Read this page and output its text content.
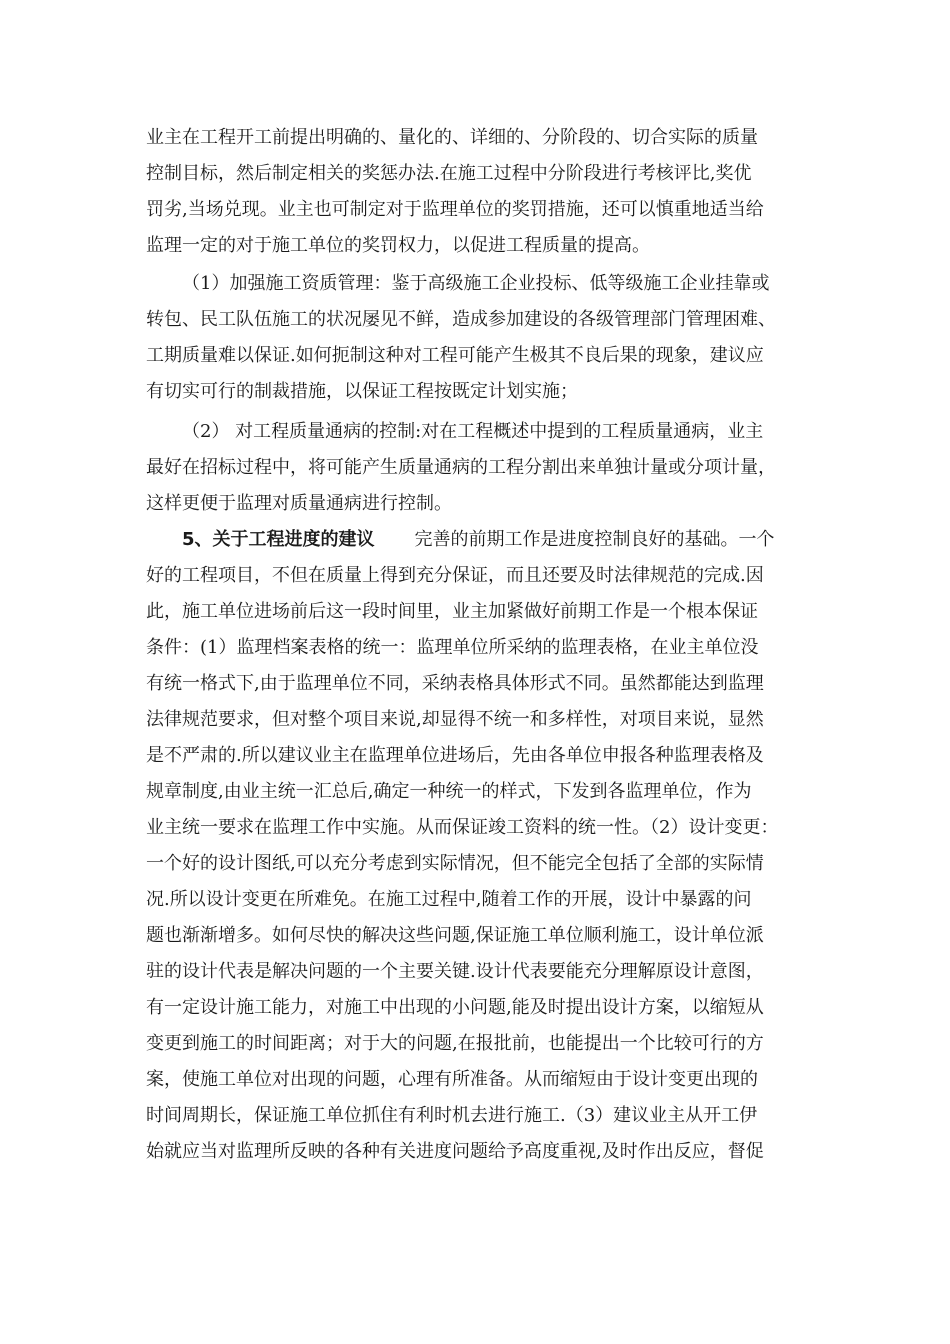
业主在工程开工前提出明确的、量化的、详细的、分阶段的、切合实际的质量
控制目标，然后制定相关的奖惩办法.在施工过程中分阶段进行考核评比,奖优
罚劣,当场兑现。业主也可制定对于监理单位的奖罚措施，还可以慎重地适当给
监理一定的对于施工单位的奖罚权力，以促进工程质量的提高。
（1）加强施工资质管理：鉴于高级施工企业投标、低等级施工企业挂靠或
转包、民工队伍施工的状况屡见不鲜，造成参加建设的各级管理部门管理困难、
工期质量难以保证.如何扼制这种对工程可能产生极其不良后果的现象，建议应
有切实可行的制裁措施，以保证工程按既定计划实施；
（2） 对工程质量通病的控制:对在工程概述中提到的工程质量通病，业主
最好在招标过程中，将可能产生质量通病的工程分割出来单独计量或分项计量，
这样更便于监理对质量通病进行控制。
5、关于工程进度的建议 完善的前期工作是进度控制良好的基础。一个
好的工程项目，不但在质量上得到充分保证，而且还要及时法律规范的完成.因
此，施工单位进场前后这一段时间里，业主加紧做好前期工作是一个根本保证
条件：(1）监理档案表格的统一：监理单位所采纳的监理表格，在业主单位没
有统一格式下,由于监理单位不同，采纳表格具体形式不同。虽然都能达到监理
法律规范要求，但对整个项目来说,却显得不统一和多样性，对项目来说，显然
是不严肃的.所以建议业主在监理单位进场后，先由各单位申报各种监理表格及
规章制度,由业主统一汇总后,确定一种统一的样式，下发到各监理单位，作为
业主统一要求在监理工作中实施。从而保证竣工资料的统一性。（2）设计变更：
一个好的设计图纸,可以充分考虑到实际情况，但不能完全包括了全部的实际情
况.所以设计变更在所难免。在施工过程中,随着工作的开展，设计中暴露的问
题也渐渐增多。如何尽快的解决这些问题,保证施工单位顺利施工，设计单位派
驻的设计代表是解决问题的一个主要关键.设计代表要能充分理解原设计意图，
有一定设计施工能力，对施工中出现的小问题,能及时提出设计方案，以缩短从
变更到施工的时间距离；对于大的问题,在报批前，也能提出一个比较可行的方
案，使施工单位对出现的问题，心理有所准备。从而缩短由于设计变更出现的
时间周期长，保证施工单位抓住有利时机去进行施工.（3）建议业主从开工伊
始就应当对监理所反映的各种有关进度问题给予高度重视,及时作出反应，督促
